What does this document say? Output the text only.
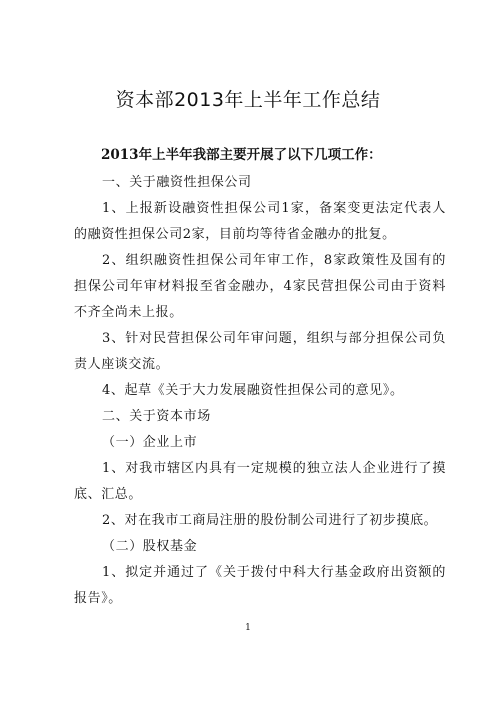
资本部2013年上半年工作总结
2013年上半年我部主要开展了以下几项工作：
一、关于融资性担保公司
1、上报新设融资性担保公司1家，备案变更法定代表人的融资性担保公司2家，目前均等待省金融办的批复。
2、组织融资性担保公司年审工作，8家政策性及国有的担保公司年审材料报至省金融办，4家民营担保公司由于资料不齐全尚未上报。
3、针对民营担保公司年审问题，组织与部分担保公司负责人座谈交流。
4、起草《关于大力发展融资性担保公司的意见》。
二、关于资本市场
（一）企业上市
1、对我市辖区内具有一定规模的独立法人企业进行了摸底、汇总。
2、对在我市工商局注册的股份制公司进行了初步摸底。
（二）股权基金
1、拟定并通过了《关于拨付中科大行基金政府出资额的报告》。
1
